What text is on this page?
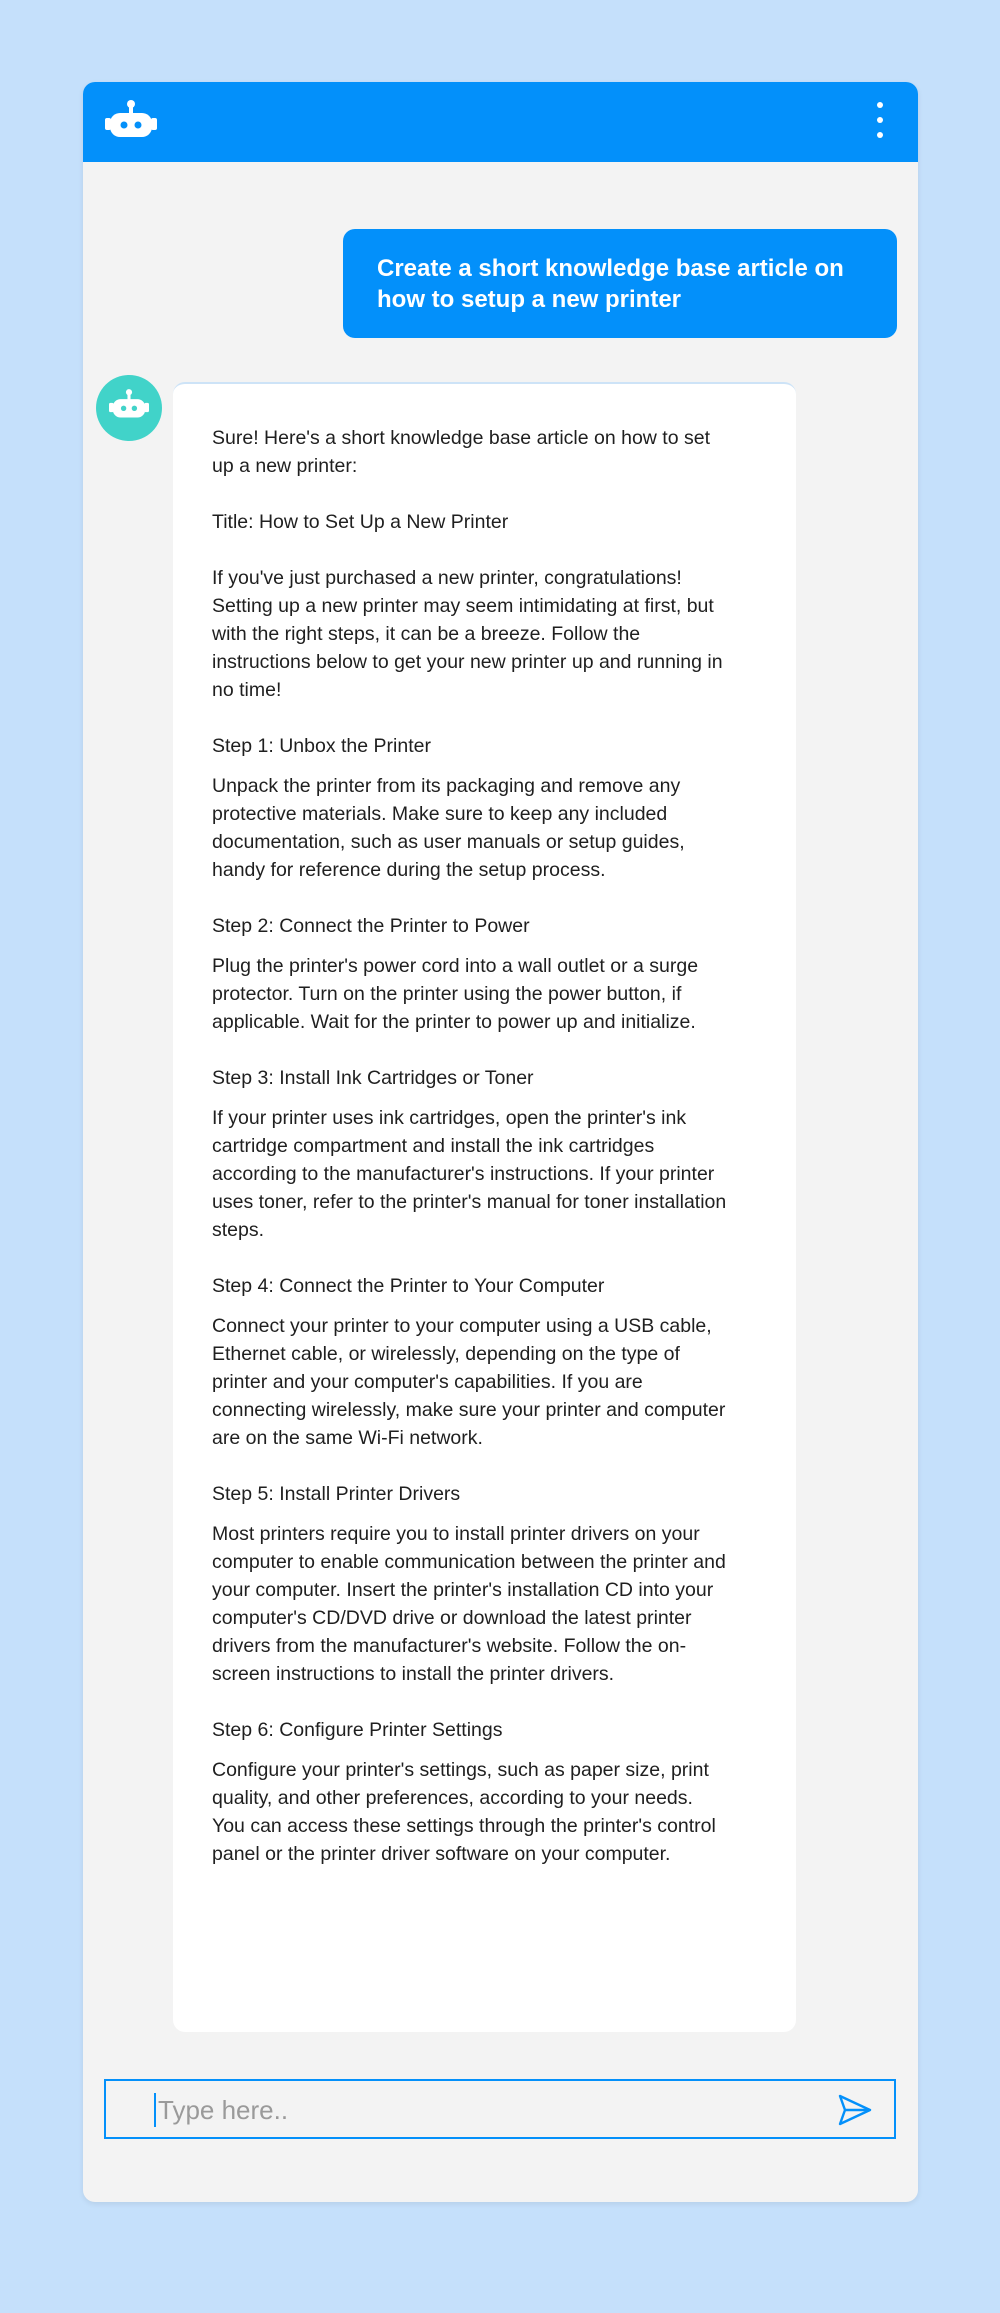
Create a short knowledge base article on how to setup a new printer

Sure! Here's a short knowledge base article on how to set up a new printer:

Title: How to Set Up a New Printer

If you've just purchased a new printer, congratulations! Setting up a new printer may seem intimidating at first, but with the right steps, it can be a breeze. Follow the instructions below to get your new printer up and running in no time!

Step 1: Unbox the Printer

Unpack the printer from its packaging and remove any protective materials. Make sure to keep any included documentation, such as user manuals or setup guides, handy for reference during the setup process.

Step 2: Connect the Printer to Power

Plug the printer's power cord into a wall outlet or a surge protector. Turn on the printer using the power button, if applicable. Wait for the printer to power up and initialize.

Step 3: Install Ink Cartridges or Toner

If your printer uses ink cartridges, open the printer's ink cartridge compartment and install the ink cartridges according to the manufacturer's instructions. If your printer uses toner, refer to the printer's manual for toner installation steps.

Step 4: Connect the Printer to Your Computer

Connect your printer to your computer using a USB cable, Ethernet cable, or wirelessly, depending on the type of printer and your computer's capabilities. If you are connecting wirelessly, make sure your printer and computer are on the same Wi-Fi network.

Step 5: Install Printer Drivers

Most printers require you to install printer drivers on your computer to enable communication between the printer and your computer. Insert the printer's installation CD into your computer's CD/DVD drive or download the latest printer drivers from the manufacturer's website. Follow the on-screen instructions to install the printer drivers.

Step 6: Configure Printer Settings

Configure your printer's settings, such as paper size, print quality, and other preferences, according to your needs. You can access these settings through the printer's control panel or the printer driver software on your computer.

Type here..
